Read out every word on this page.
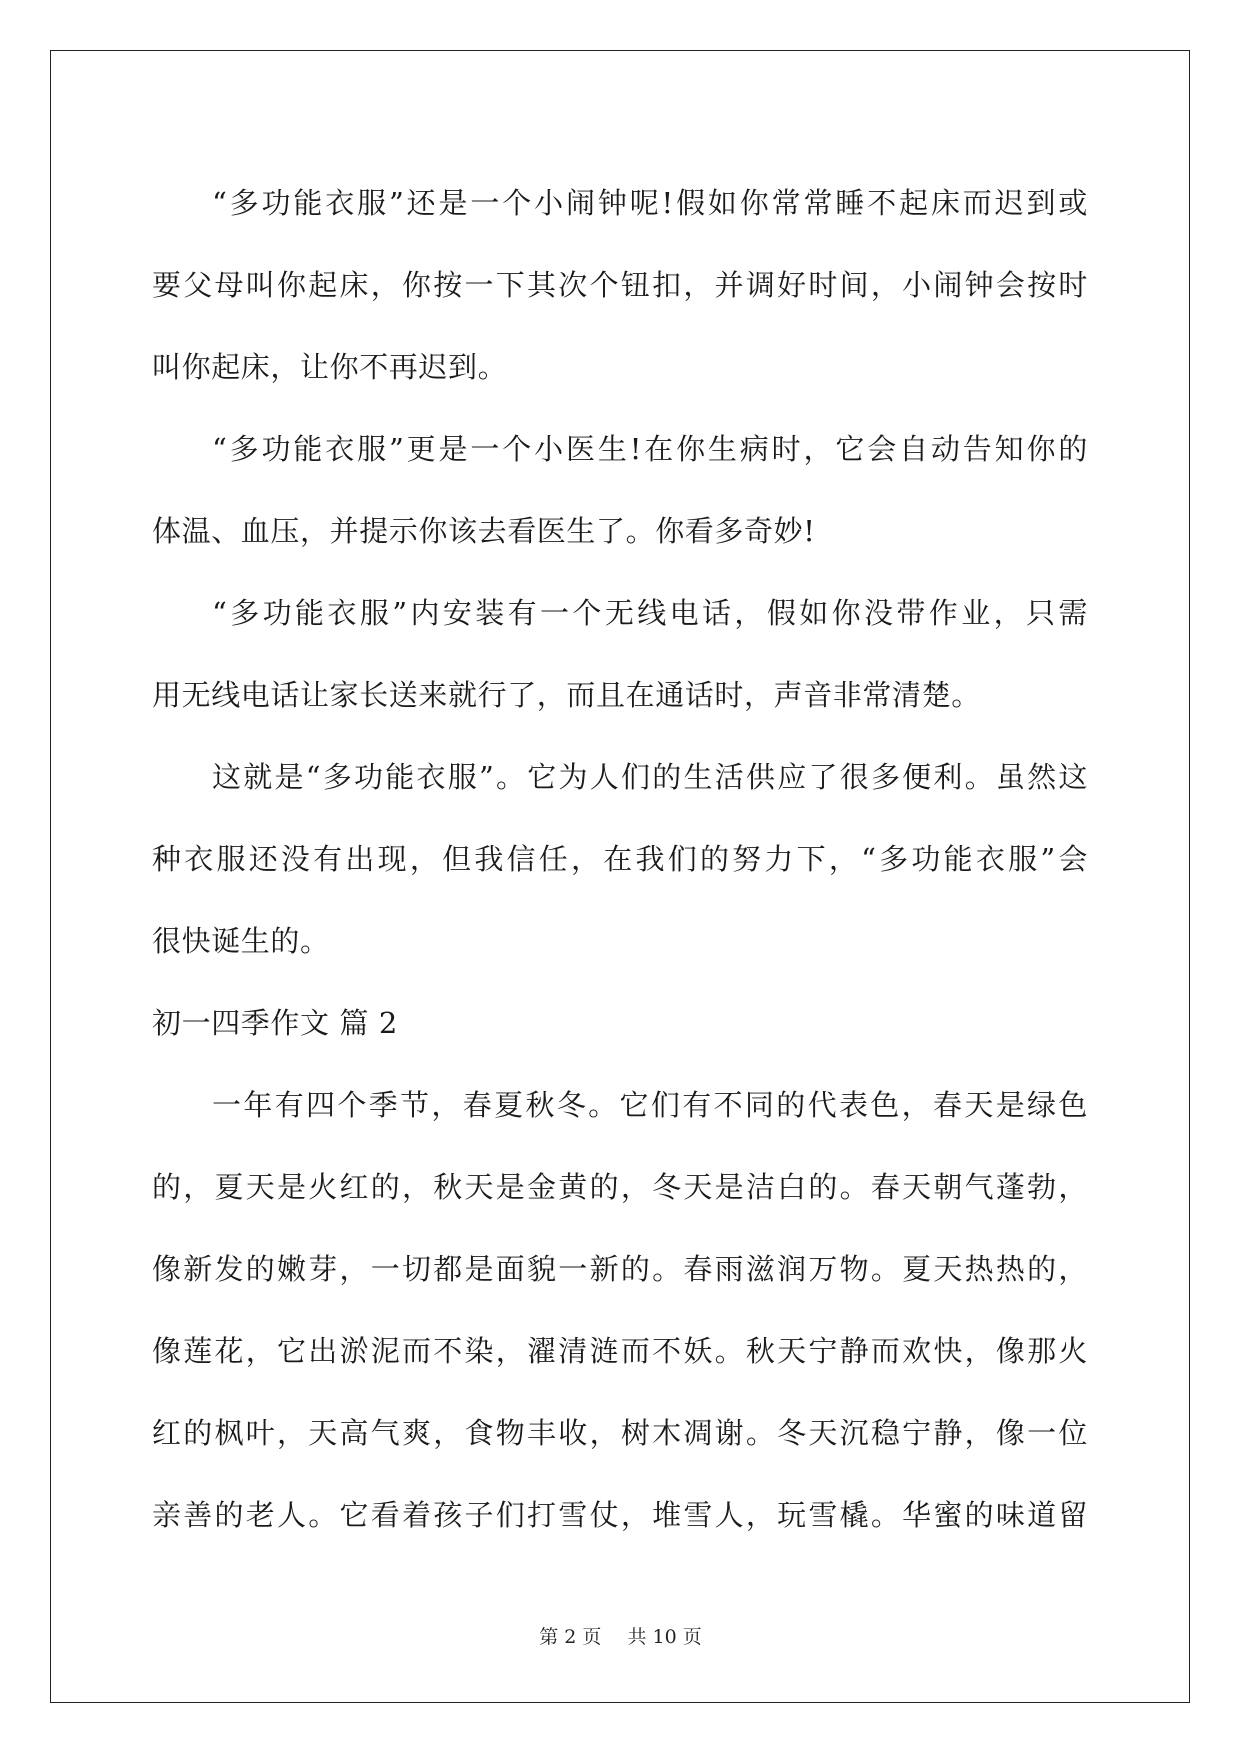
“多功能衣服”还是一个小闹钟呢!假如你常常睡不起床而迟到或
要父母叫你起床，你按一下其次个钮扣，并调好时间，小闹钟会按时
叫你起床，让你不再迟到。
“多功能衣服”更是一个小医生!在你生病时，它会自动告知你的
体温、血压，并提示你该去看医生了。你看多奇妙!
“多功能衣服”内安装有一个无线电话，假如你没带作业，只需
用无线电话让家长送来就行了，而且在通话时，声音非常清楚。
这就是“多功能衣服”。它为人们的生活供应了很多便利。虽然这
种衣服还没有出现，但我信任，在我们的努力下，“多功能衣服”会
很快诞生的。
初一四季作文 篇 2
一年有四个季节，春夏秋冬。它们有不同的代表色，春天是绿色
的，夏天是火红的，秋天是金黄的，冬天是洁白的。春天朝气蓬勃，
像新发的嫩芽，一切都是面貌一新的。春雨滋润万物。夏天热热的，
像莲花，它出淤泥而不染，濯清涟而不妖。秋天宁静而欢快，像那火
红的枫叶，天高气爽，食物丰收，树木凋谢。冬天沉稳宁静，像一位
亲善的老人。它看着孩子们打雪仗，堆雪人，玩雪橇。华蜜的味道留
第 2 页 共 10 页
